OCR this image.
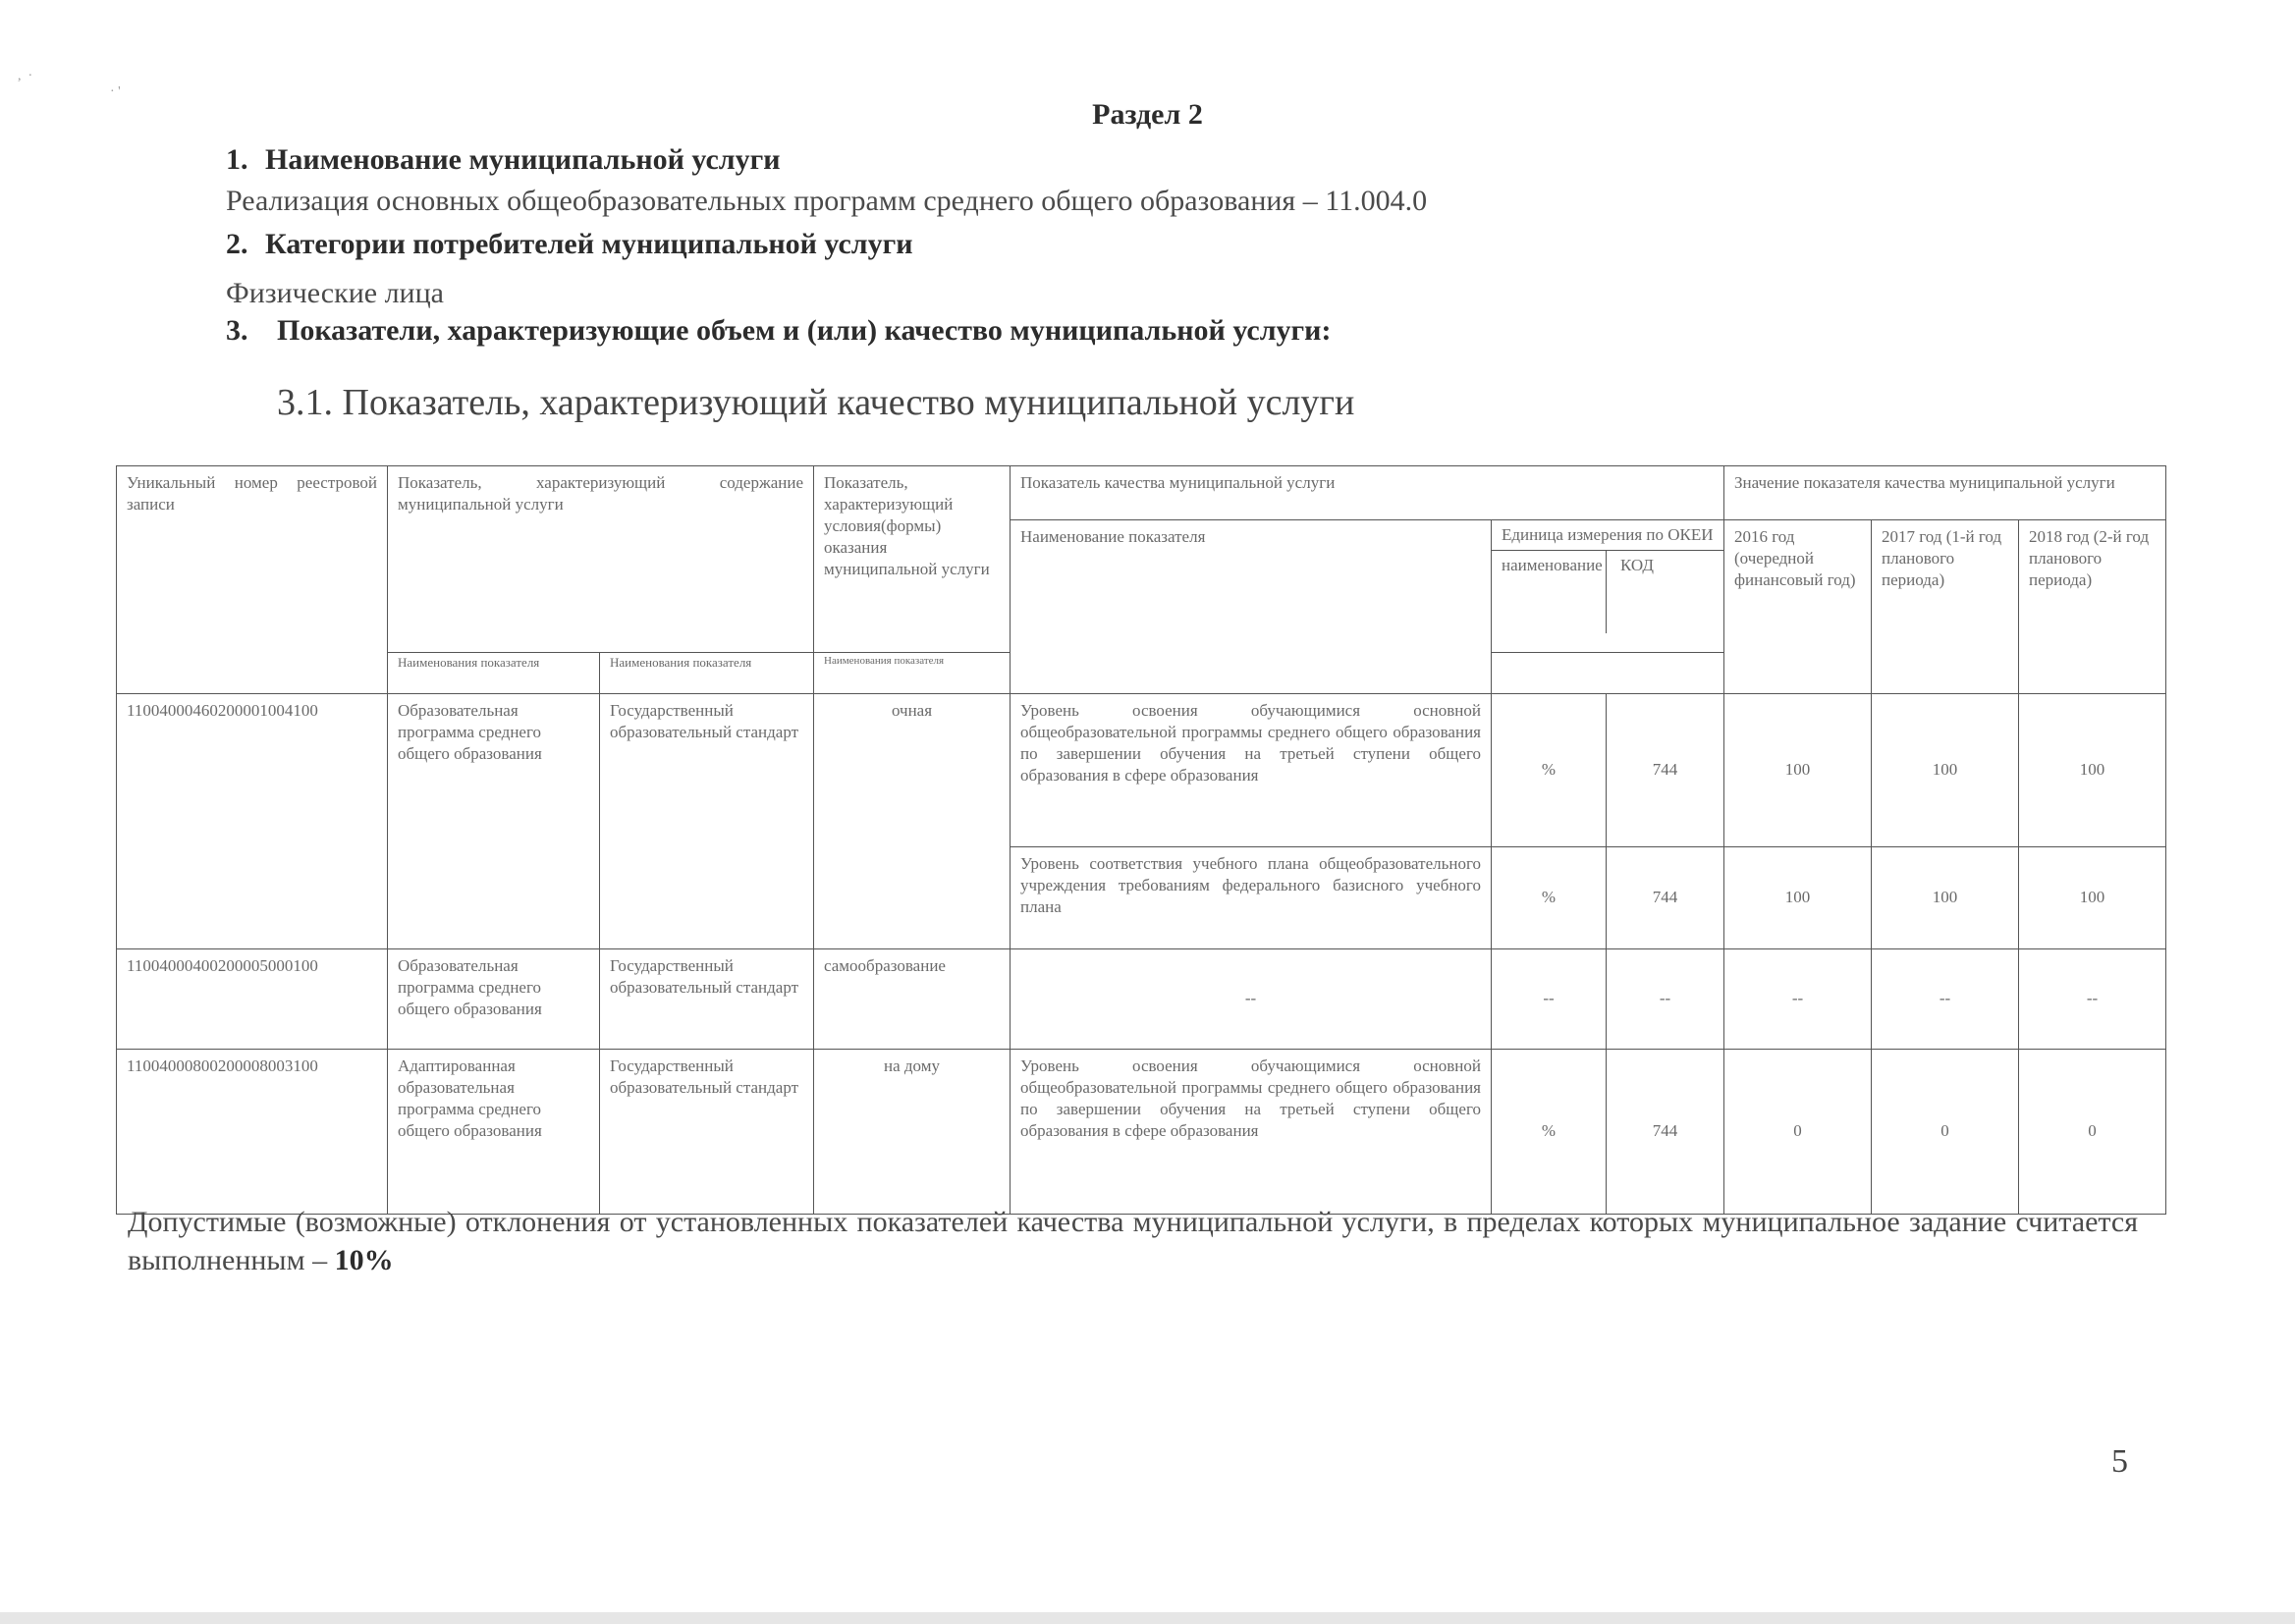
,  ·
· '
Раздел 2
1. Наименование муниципальной услуги
Реализация основных общеобразовательных программ среднего общего образования – 11.004.0
2. Категории потребителей муниципальной услуги
Физические лица
3. Показатели, характеризующие объем и (или) качество муниципальной услуги:
3.1. Показатель, характеризующий качество муниципальной услуги
Уникальный номер реестровой записи	Показатель, характеризующий содержание муниципальной услуги		Показатель, характеризующий условия(формы) оказания муниципальной услуги	Показатель качества муниципальной услуги			Значение показателя качества муниципальной услуги		
				Наименование показателя	Единица измерения по ОКЕИ
наименование КОД		2016 год (очередной финансовый год)	2017 год (1-й год планового периода)	2018 год (2-й год планового периода)
	Наименования показателя	Наименования показателя	Наименования показателя						
11004000460200001004100	Образовательная программа среднего общего образования	Государственный образовательный стандарт	очная	Уровень освоения обучающимися основной общеобразовательной программы среднего общего образования по завершении обучения на третьей ступени общего образования в сфере образования	%	744	100	100	100
				Уровень соответствия учебного плана общеобразовательного учреждения требованиям федерального базисного учебного плана	%	744	100	100	100
11004000400200005000100	Образовательная программа среднего общего образования	Государственный образовательный стандарт	самообразование	--	--	--	--	--	--
11004000800200008003100	Адаптированная образовательная программа среднего общего образования	Государственный образовательный стандарт	на дому	Уровень освоения обучающимися основной общеобразовательной программы среднего общего образования по завершении обучения на третьей ступени общего образования в сфере образования	%	744	0	0	0
Допустимые (возможные) отклонения от установленных показателей качества муниципальной услуги, в пределах которых муниципальное задание считается выполненным – 10%
5
